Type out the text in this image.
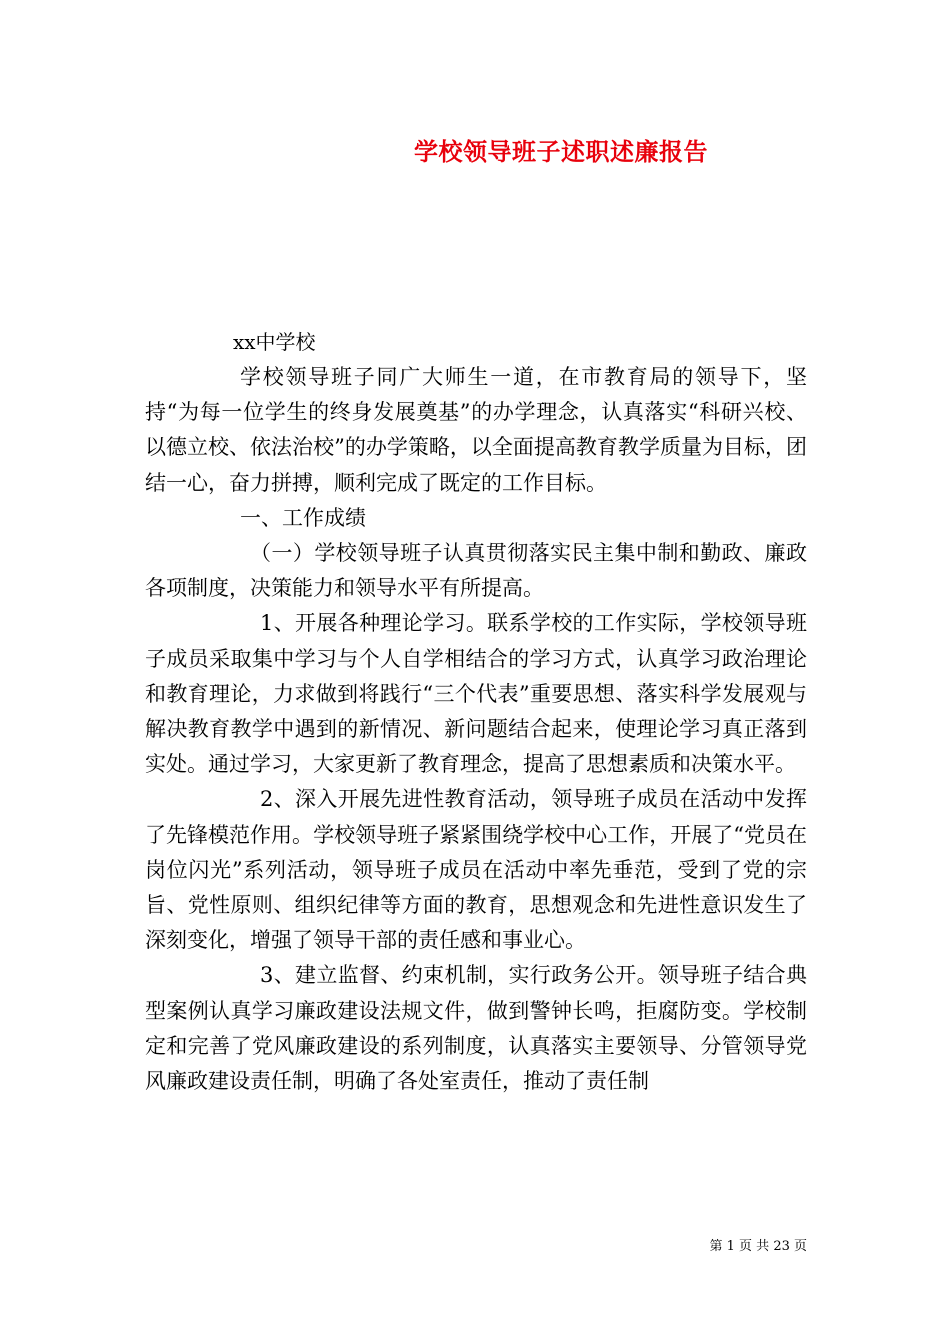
学校领导班子述职述廉报告
xx中学校

学校领导班子同广大师生一道，在市教育局的领导下，坚持“为每一位学生的终身发展奠基”的办学理念，认真落实“科研兴校、以德立校、依法治校”的办学策略，以全面提高教育教学质量为目标，团结一心，奋力拼搏，顺利完成了既定的工作目标。

一、工作成绩

（一）学校领导班子认真贯彻落实民主集中制和勤政、廉政各项制度，决策能力和领导水平有所提高。

1、开展各种理论学习。联系学校的工作实际，学校领导班子成员采取集中学习与个人自学相结合的学习方式，认真学习政治理论和教育理论，力求做到将践行“三个代表”重要思想、落实科学发展观与解决教育教学中遇到的新情况、新问题结合起来，使理论学习真正落到实处。通过学习，大家更新了教育理念，提高了思想素质和决策水平。

2、深入开展先进性教育活动，领导班子成员在活动中发挥了先锋模范作用。学校领导班子紧紧围绕学校中心工作，开展了“党员在岗位闪光”系列活动，领导班子成员在活动中率先垂范，受到了党的宗旨、党性原则、组织纪律等方面的教育，思想观念和先进性意识发生了深刻变化，增强了领导干部的责任感和事业心。

3、建立监督、约束机制，实行政务公开。领导班子结合典型案例认真学习廉政建设法规文件，做到警钟长鸣，拒腐防变。学校制定和完善了党风廉政建设的系列制度，认真落实主要领导、分管领导党风廉政建设责任制，明确了各处室责任，推动了责任制

第 1 页 共 23 页
